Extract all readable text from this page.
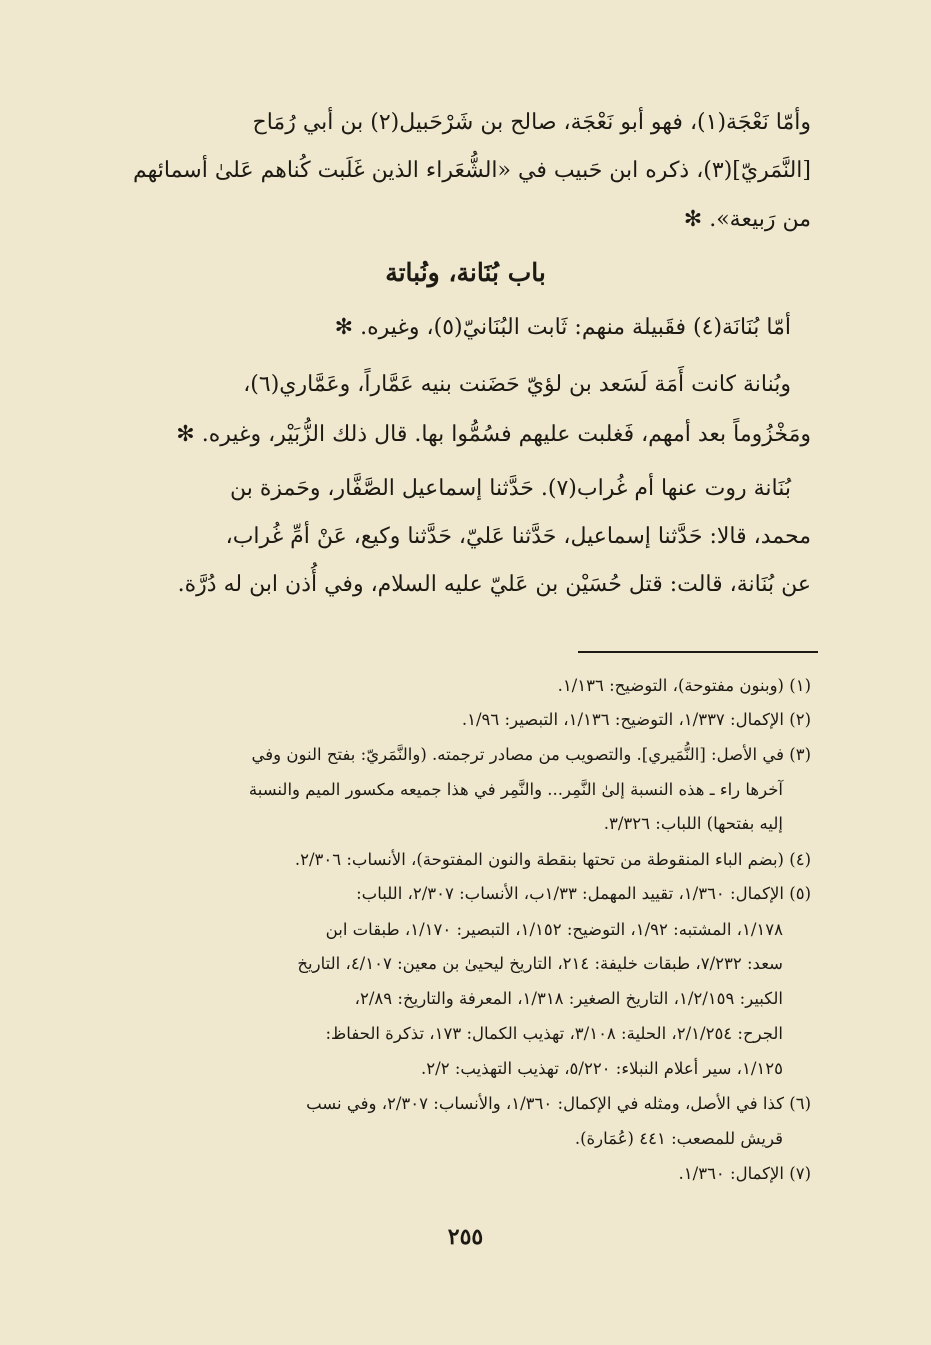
وأمّا نَعْجَة(١)، فهو أبو نَعْجَة، صالح بن شَرْحَبيل(٢) بن أبي رُمَاح
[النَّمَريّ](٣)، ذكره ابن حَبيب في «الشُّعَراء الذين غَلَبت كُناهم عَلىٰ أسمائهم
من رَبيعة». ✻
باب بُنَانة، ونُباتة
أمّا بُنَانَة(٤) فقَبيلة منهم: ثَابت البُنَانيّ(٥)، وغيره. ✻
وبُنانة كانت أَمَة لَسَعد بن لؤيّ حَضَنت بنيه عَمَّاراً، وعَمَّاري(٦)،
ومَخْزُوماً بعد أمهم، فَغلبت عليهم فسُمُّوا بها. قال ذلك الزُّبَيْر، وغيره. ✻
بُنَانة روت عنها أم غُراب(٧). حَدَّثنا إسماعيل الصَّفَّار، وحَمزة بن
محمد، قالا: حَدَّثنا إسماعيل، حَدَّثنا عَليّ، حَدَّثنا وكيع، عَنْ أمِّ غُراب،
عن بُنَانة، قالت: قتل حُسَيْن بن عَليّ عليه السلام، وفي أُذن ابن له دُرَّة.
(١) (وبنون مفتوحة)، التوضيح: ١/١٣٦.
(٢) الإكمال: ١/٣٣٧، التوضيح: ١/١٣٦، التبصير: ١/٩٦.
(٣) في الأصل: [النُّمَيري]. والتصويب من مصادر ترجمته. (والنَّمَريّ: بفتح النون وفي
آخرها راء ـ هذه النسبة إلىٰ النَّمِر... والنَّمِر في هذا جميعه مكسور الميم والنسبة
إليه بفتحها) اللباب: ٣/٣٢٦.
(٤) (بضم الباء المنقوطة من تحتها بنقطة والنون المفتوحة)، الأنساب: ٢/٣٠٦.
(٥) الإكمال: ١/٣٦٠، تقييد المهمل: ١/٣٣ب، الأنساب: ٢/٣٠٧، اللباب:
١/١٧٨، المشتبه: ١/٩٢، التوضيح: ١/١٥٢، التبصير: ١/١٧٠، طبقات ابن
سعد: ٧/٢٣٢، طبقات خليفة: ٢١٤، التاريخ ليحيىٰ بن معين: ٤/١٠٧، التاريخ
الكبير: ١/٢/١٥٩، التاريخ الصغير: ١/٣١٨، المعرفة والتاريخ: ٢/٨٩،
الجرح: ٢/١/٢٥٤، الحلية: ٣/١٠٨، تهذيب الكمال: ١٧٣، تذكرة الحفاظ:
١/١٢٥، سير أعلام النبلاء: ٥/٢٢٠، تهذيب التهذيب: ٢/٢.
(٦) كذا في الأصل، ومثله في الإكمال: ١/٣٦٠، والأنساب: ٢/٣٠٧، وفي نسب
قريش للمصعب: ٤٤١ (عُمَارة).
(٧) الإكمال: ١/٣٦٠.
٢٥٥
